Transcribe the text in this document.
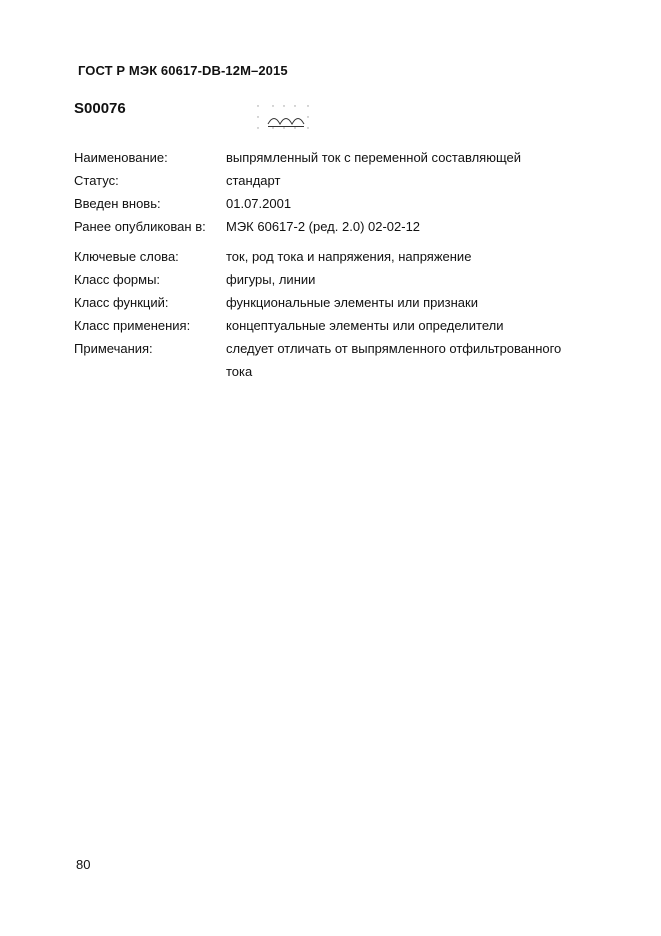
ГОСТ Р МЭК 60617-DB-12M–2015
S00076
Наименование:	выпрямленный ток с переменной составляющей
Статус:	стандарт
Введен вновь:	01.07.2001
Ранее опубликован в: МЭК 60617-2 (ред. 2.0) 02-02-12
Ключевые слова:	ток, род тока и напряжения, напряжение
Класс формы:	фигуры, линии
Класс функций:	функциональные элементы или признаки
Класс применения:	концептуальные элементы или определители
Примечания:	следует отличать от выпрямленного отфильтрованного тока
80
